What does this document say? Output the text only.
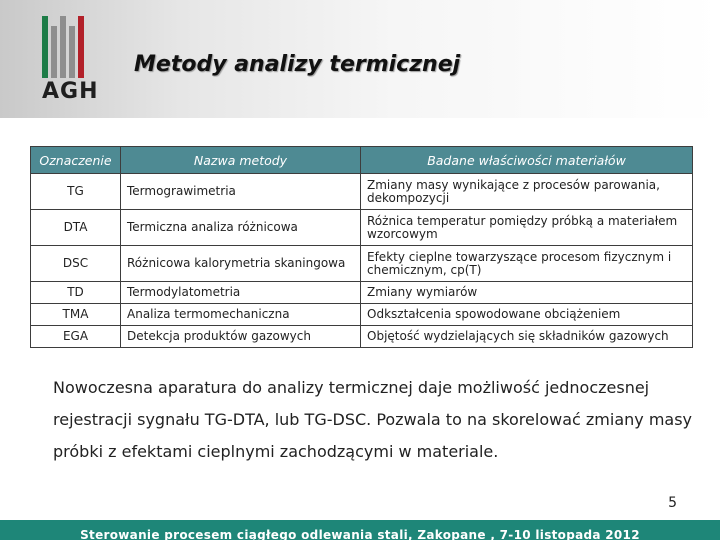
AGH
Metody analizy termicznej
Oznaczenie	Nazwa metody	Badane właściwości materiałów
TG	Termograwimetria	Zmiany masy wynikające z procesów parowania, dekompozycji
DTA	Termiczna analiza różnicowa	Różnica temperatur pomiędzy próbką a materiałem wzorcowym
DSC	Różnicowa kalorymetria skaningowa	Efekty cieplne towarzyszące procesom fizycznym i chemicznym, cp(T)
TD	Termodylatometria	Zmiany wymiarów
TMA	Analiza termomechaniczna	Odkształcenia spowodowane obciążeniem
EGA	Detekcja produktów gazowych	Objętość wydzielających się składników gazowych
Nowoczesna aparatura do analizy termicznej daje możliwość jednoczesnej rejestracji sygnału TG-DTA, lub TG-DSC. Pozwala to na skorelować zmiany masy próbki z efektami cieplnymi zachodzącymi w materiale.
5
Sterowanie procesem ciągłego odlewania stali, Zakopane , 7-10 listopada 2012
